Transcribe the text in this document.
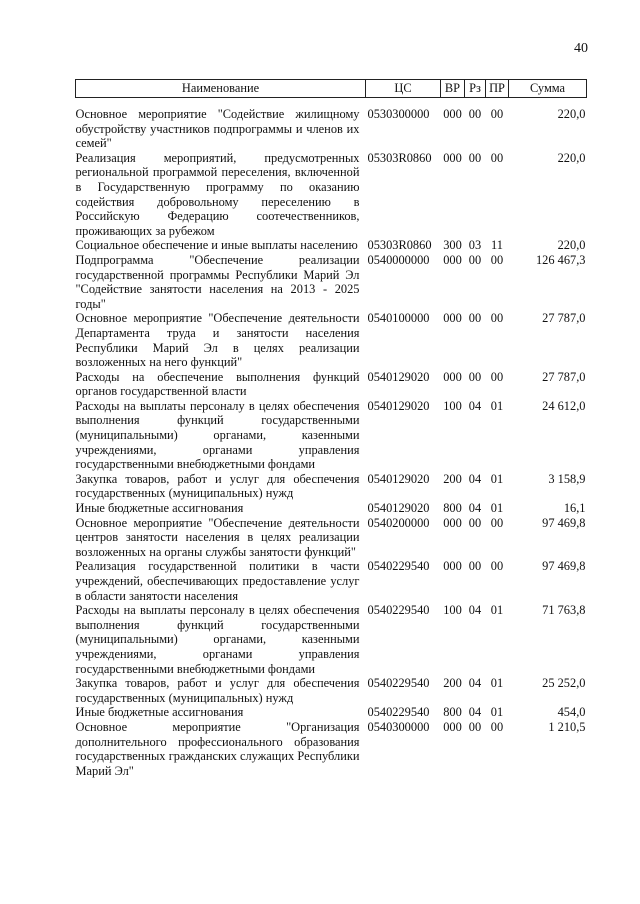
40
Наименование	ЦС	ВР	Рз	ПР	Сумма
Основное мероприятие "Содействие жилищному обустройству участников подпрограммы и членов их семей"	0530300000	000	00	00	220,0
Реализация мероприятий, предусмотренных региональной программой переселения, включенной в Государственную программу по оказанию содействия добровольному переселению в Российскую Федерацию соотечественников, проживающих за рубежом	05303R0860	000	00	00	220,0
Социальное обеспечение и иные выплаты населению	05303R0860	300	03	11	220,0
Подпрограмма "Обеспечение реализации государственной программы Республики Марий Эл "Содействие занятости населения на 2013 - 2025 годы"	0540000000	000	00	00	126 467,3
Основное мероприятие "Обеспечение деятельности Департамента труда и занятости населения Республики Марий Эл в целях реализации возложенных на него функций"	0540100000	000	00	00	27 787,0
Расходы на обеспечение выполнения функций органов государственной власти	0540129020	000	00	00	27 787,0
Расходы на выплаты персоналу в целях обеспечения выполнения функций государственными (муниципальными) органами, казенными учреждениями, органами управления государственными внебюджетными фондами	0540129020	100	04	01	24 612,0
Закупка товаров, работ и услуг для обеспечения государственных (муниципальных) нужд	0540129020	200	04	01	3 158,9
Иные бюджетные ассигнования	0540129020	800	04	01	16,1
Основное мероприятие "Обеспечение деятельности центров занятости населения в целях реализации возложенных на органы службы занятости функций"	0540200000	000	00	00	97 469,8
Реализация государственной политики в части учреждений, обеспечивающих предоставление услуг в области занятости населения	0540229540	000	00	00	97 469,8
Расходы на выплаты персоналу в целях обеспечения выполнения функций государственными (муниципальными) органами, казенными учреждениями, органами управления государственными внебюджетными фондами	0540229540	100	04	01	71 763,8
Закупка товаров, работ и услуг для обеспечения государственных (муниципальных) нужд	0540229540	200	04	01	25 252,0
Иные бюджетные ассигнования	0540229540	800	04	01	454,0
Основное мероприятие "Организация дополнительного профессионального образования государственных гражданских служащих Республики Марий Эл"	0540300000	000	00	00	1 210,5
